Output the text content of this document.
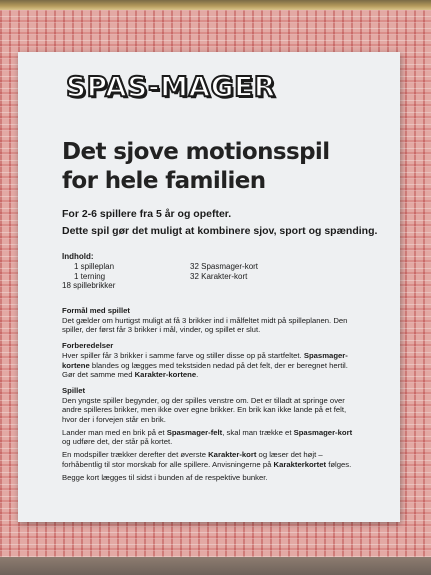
SPAS-MAGER
Det sjove motionsspil
for hele familien

For 2-6 spillere fra 5 år og opefter.

Dette spil gør det muligt at kombinere sjov, sport og spænding.

Indhold:
1 spilleplan
1 terning
18 spillebrikker
32 Spasmager-kort
32 Karakter-kort

Formål med spillet

Det gælder om hurtigst muligt at få 3 brikker ind i målfeltet midt på spilleplanen. Den spiller, der først får 3 brikker i mål, vinder, og spillet er slut.

Forberedelser

Hver spiller får 3 brikker i samme farve og stiller disse op på startfeltet. Spasmager-kortene blandes og lægges med tekstsiden nedad på det felt, der er beregnet hertil. Gør det samme med Karakter-kortene.

Spillet

Den yngste spiller begynder, og der spilles venstre om. Det er tilladt at springe over andre spilleres brikker, men ikke over egne brikker. En brik kan ikke lande på et felt, hvor der i forvejen står en brik.

Lander man med en brik på et Spasmager-felt, skal man trække et Spasmager-kort og udføre det, der står på kortet.

En modspiller trækker derefter det øverste Karakter-kort og læser det højt – forhåbentlig til stor morskab for alle spillere. Anvisningerne på Karakterkortet følges.

Begge kort lægges til sidst i bunden af de respektive bunker.
